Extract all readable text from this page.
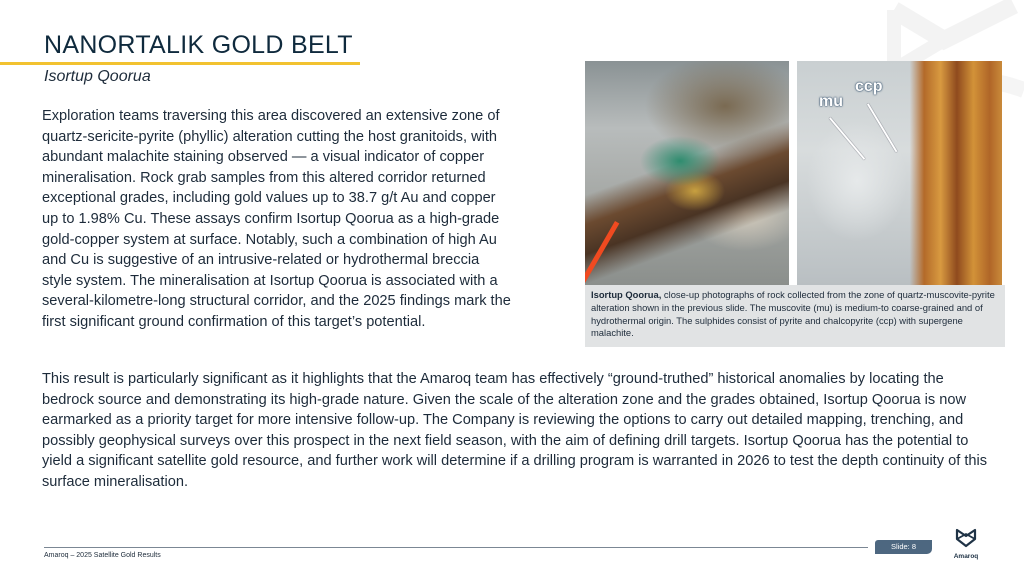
NANORTALIK GOLD BELT
Isortup Qoorua
Exploration teams traversing this area discovered an extensive zone of quartz-sericite-pyrite (phyllic) alteration cutting the host granitoids, with abundant malachite staining observed — a visual indicator of copper mineralisation. Rock grab samples from this altered corridor returned exceptional grades, including gold values up to 38.7 g/t Au and copper up to 1.98% Cu. These assays confirm Isortup Qoorua as a high-grade gold-copper system at surface. Notably, such a combination of high Au and Cu is suggestive of an intrusive-related or hydrothermal breccia style system. The mineralisation at Isortup Qoorua is associated with a several-kilometre-long structural corridor, and the 2025 findings mark the first significant ground confirmation of this target’s potential.
mu
ccp
Isortup Qoorua, close-up photographs of rock collected from the zone of quartz-muscovite-pyrite alteration shown in the previous slide. The muscovite (mu) is medium-to coarse-grained and of hydrothermal origin. The sulphides consist of pyrite and chalcopyrite (ccp) with supergene malachite.
This result is particularly significant as it highlights that the Amaroq team has effectively “ground-truthed” historical anomalies by locating the bedrock source and demonstrating its high-grade nature. Given the scale of the alteration zone and the grades obtained, Isortup Qoorua is now earmarked as a priority target for more intensive follow-up. The Company is reviewing the options to carry out detailed mapping, trenching, and possibly geophysical surveys over this prospect in the next field season, with the aim of defining drill targets. Isortup Qoorua has the potential to yield a significant satellite gold resource, and further work will determine if a drilling program is warranted in 2026 to test the depth continuity of this surface mineralisation.
Amaroq – 2025 Satellite Gold Results
Slide: 8
Amaroq
